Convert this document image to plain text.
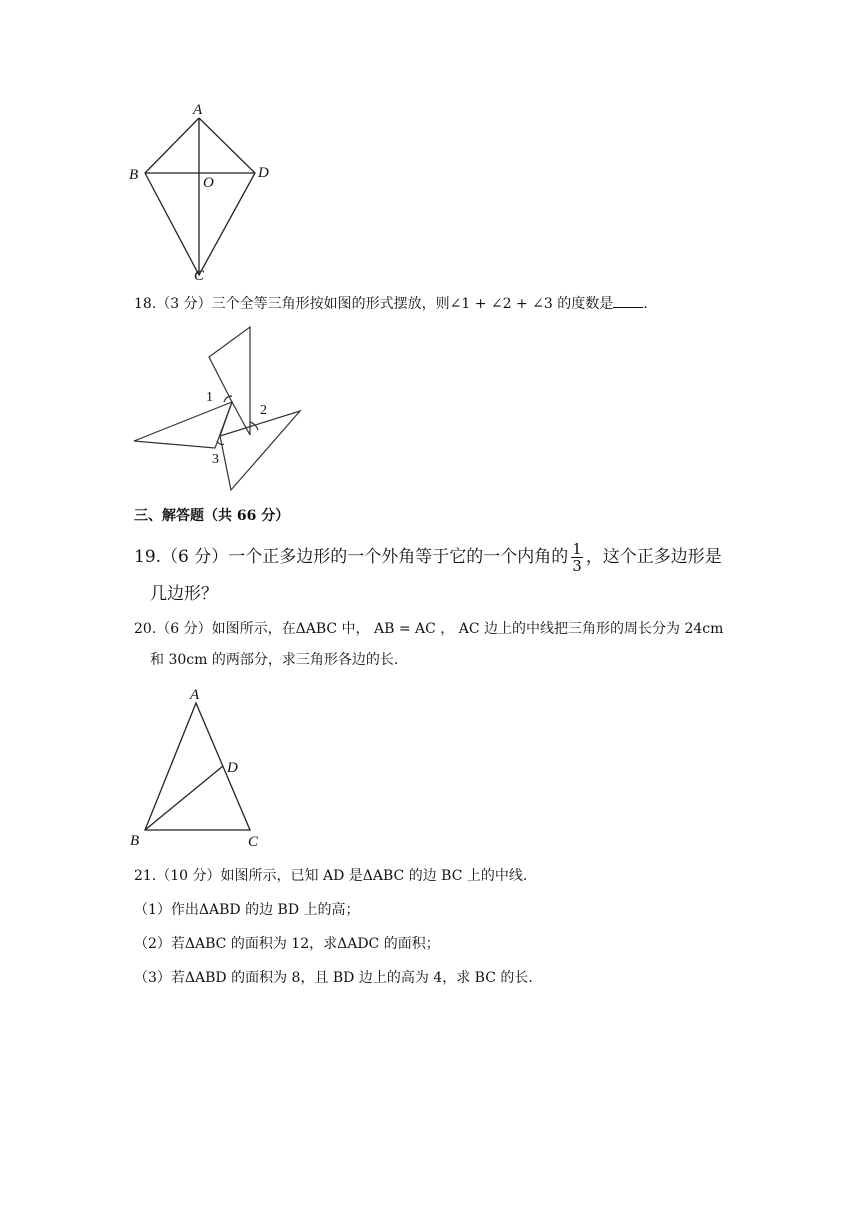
A
B	D
O
C
18.（3 分）三个全等三角形按如图的形式摆放，则∠1 + ∠2 + ∠3 的度数是 .
1
2
3
三、解答题（共 66 分）
19.（6 分）一个正多边形的一个外角等于它的一个内角的 $\frac{1}{3}$ ，这个正多边形是
几边形？
20.（6 分）如图所示，在ΔABC 中， AB = AC ， AC 边上的中线把三角形的周长分为 24cm
和 30cm 的两部分，求三角形各边的长.
A
B	C
D
21.（10 分）如图所示，已知 AD 是ΔABC 的边 BC 上的中线.
（1）作出ΔABD 的边 BD 上的高；
（2）若ΔABC 的面积为 12，求ΔADC 的面积；
（3）若ΔABD 的面积为 8，且 BD 边上的高为 4，求 BC 的长.
